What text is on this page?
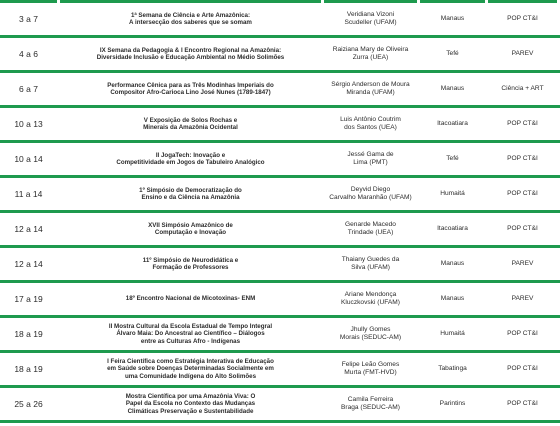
3 a 7	1ª Semana de Ciência e Arte Amazônica:
A intersecção dos saberes que se somam	Veridiana Vizoni
Scudeller (UFAM)	Manaus	POP CT&I
4 a 6	IX Semana da Pedagogia & I Encontro Regional na Amazônia:
Diversidade Inclusão e Educação Ambiental no Médio Solimões	Raiziana Mary de Oliveira
Zurra (UEA)	Tefé	PAREV
6 a 7	Performance Cênica para as Três Modinhas Imperiais do
Compositor Afro-Carioca Lino José Nunes (1789-1847)	Sérgio Anderson de Moura
Miranda (UFAM)	Manaus	Ciência + ART
10 a 13	V Exposição de Solos Rochas e
Minerais da Amazônia Ocidental	Luis Antônio Coutrim
dos Santos (UEA)	Itacoatiara	POP CT&I
10 a 14	II JogaTech: Inovação e
Competitividade em Jogos de Tabuleiro Analógico	Jessé Gama de
Lima (PMT)	Tefé	POP CT&I
11 a 14	1º Simpósio de Democratização do
Ensino e da Ciência na Amazônia	Deyvid Diego
Carvalho Maranhão (UFAM)	Humaitá	POP CT&I
12 a 14	XVII Simpósio Amazônico de
Computação e Inovação	Genarde Macedo
Trindade (UEA)	Itacoatiara	POP CT&I
12 a 14	11º Simpósio de Neurodidática e
Formação de Professores	Thaiany Guedes da
Silva (UFAM)	Manaus	PAREV
17 a 19	18º Encontro Nacional de Micotoxinas- ENM	Ariane Mendonça
Kluczkovski (UFAM)	Manaus	PAREV
18 a 19	II Mostra Cultural da Escola Estadual de Tempo Integral
Álvaro Maia: Do Ancestral ao Científico – Diálogos
entre as Culturas Afro - Indígenas	Jhully Gomes
Morais (SEDUC-AM)	Humaitá	POP CT&I
18 a 19	I Feira Científica como Estratégia Interativa de Educação
em Saúde sobre Doenças Determinadas Socialmente em
uma Comunidade Indígena do Alto Solimões	Felipe Leão Gomes
Murta (FMT-HVD)	Tabatinga	POP CT&I
25 a 26	Mostra Científica por uma Amazônia Viva: O
Papel da Escola no Contexto das Mudanças
Climáticas Preservação e Sustentabilidade	Camila Ferreira
Braga (SEDUC-AM)	Parintins	POP CT&I
